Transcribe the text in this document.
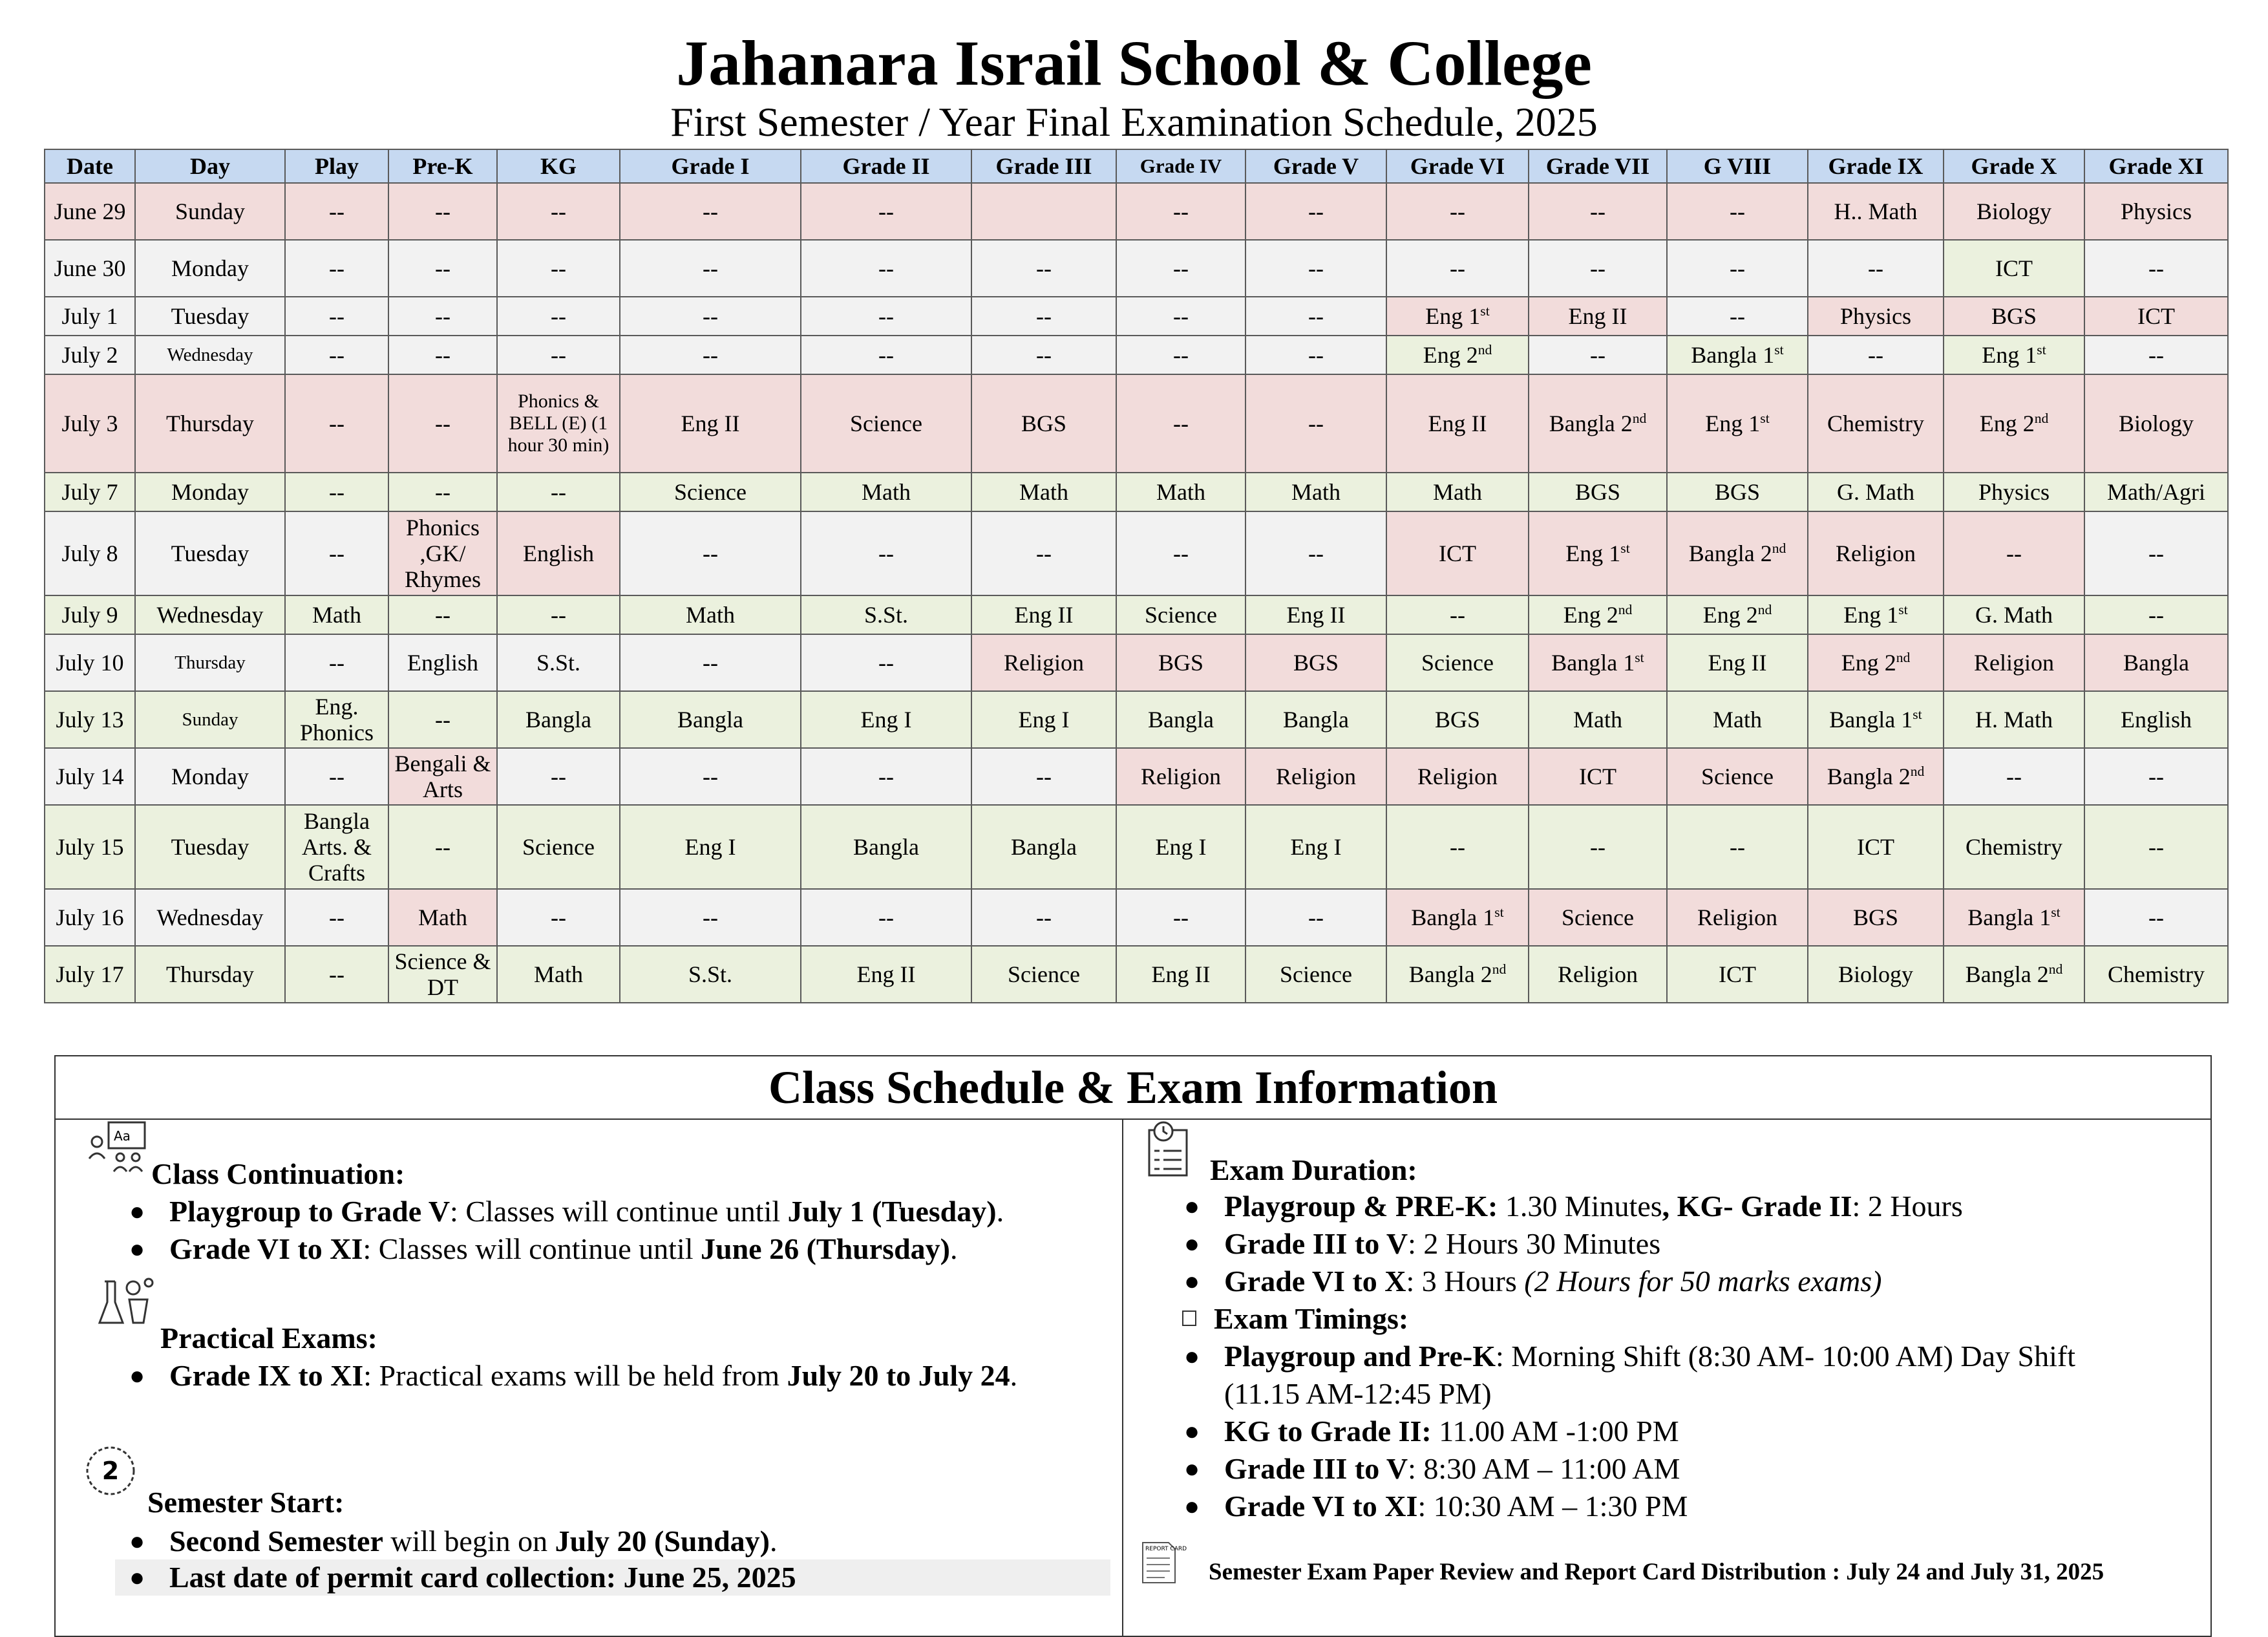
Jahanara Israil School & College
First Semester / Year Final Examination Schedule, 2025
Date	Day	Play	Pre-K	KG	Grade I	Grade II	Grade III	Grade IV	Grade V	Grade VI	Grade VII	G VIII	Grade IX	Grade X	Grade XI
June 29	Sunday	--	--	--	--	--		--	--	--	--	--	H.. Math	Biology	Physics
June 30	Monday	--	--	--	--	--	--	--	--	--	--	--	--	ICT	--
July 1	Tuesday	--	--	--	--	--	--	--	--	Eng 1st	Eng II	--	Physics	BGS	ICT
July 2	Wednesday	--	--	--	--	--	--	--	--	Eng 2nd	--	Bangla 1st	--	Eng 1st	--
July 3	Thursday	--	--	Phonics & BELL (E) (1 hour 30 min)	Eng II	Science	BGS	--	--	Eng II	Bangla 2nd	Eng 1st	Chemistry	Eng 2nd	Biology
July 7	Monday	--	--	--	Science	Math	Math	Math	Math	Math	BGS	BGS	G. Math	Physics	Math/Agri
July 8	Tuesday	--	Phonics ,GK/ Rhymes	English	--	--	--	--	--	ICT	Eng 1st	Bangla 2nd	Religion	--	--
July 9	Wednesday	Math	--	--	Math	S.St.	Eng II	Science	Eng II	--	Eng 2nd	Eng 2nd	Eng 1st	G. Math	--
July 10	Thursday	--	English	S.St.	--	--	Religion	BGS	BGS	Science	Bangla 1st	Eng II	Eng 2nd	Religion	Bangla
July 13	Sunday	Eng. Phonics	--	Bangla	Bangla	Eng I	Eng I	Bangla	Bangla	BGS	Math	Math	Bangla 1st	H. Math	English
July 14	Monday	--	Bengali & Arts	--	--	--	--	Religion	Religion	Religion	ICT	Science	Bangla 2nd	--	--
July 15	Tuesday	Bangla Arts. & Crafts	--	Science	Eng I	Bangla	Bangla	Eng I	Eng I	--	--	--	ICT	Chemistry	--
July 16	Wednesday	--	Math	--	--	--	--	--	--	Bangla 1st	Science	Religion	BGS	Bangla 1st	--
July 17	Thursday	--	Science & DT	Math	S.St.	Eng II	Science	Eng II	Science	Bangla 2nd	Religion	ICT	Biology	Bangla 2nd	Chemistry
Class Schedule & Exam Information
Aa
Class Continuation:
● Playgroup to Grade V: Classes will continue until July 1 (Tuesday).
● Grade VI to XI: Classes will continue until June 26 (Thursday).
Practical Exams:
● Grade IX to XI: Practical exams will be held from July 20 to July 24.
2
Semester Start:
● Second Semester will begin on July 20 (Sunday).
● Last date of permit card collection: June 25, 2025
Exam Duration:
● Playgroup & PRE-K: 1.30 Minutes, KG- Grade II: 2 Hours
● Grade III to V: 2 Hours 30 Minutes
● Grade VI to X: 3 Hours (2 Hours for 50 marks exams)
Exam Timings:
● Playgroup and Pre-K: Morning Shift (8:30 AM- 10:00 AM) Day Shift
(11.15 AM-12:45 PM)
● KG to Grade II: 11.00 AM -1:00 PM
● Grade III to V: 8:30 AM – 11:00 AM
● Grade VI to XI: 10:30 AM – 1:30 PM
REPORT CARD
Semester Exam Paper Review and Report Card Distribution : July 24 and July 31, 2025
